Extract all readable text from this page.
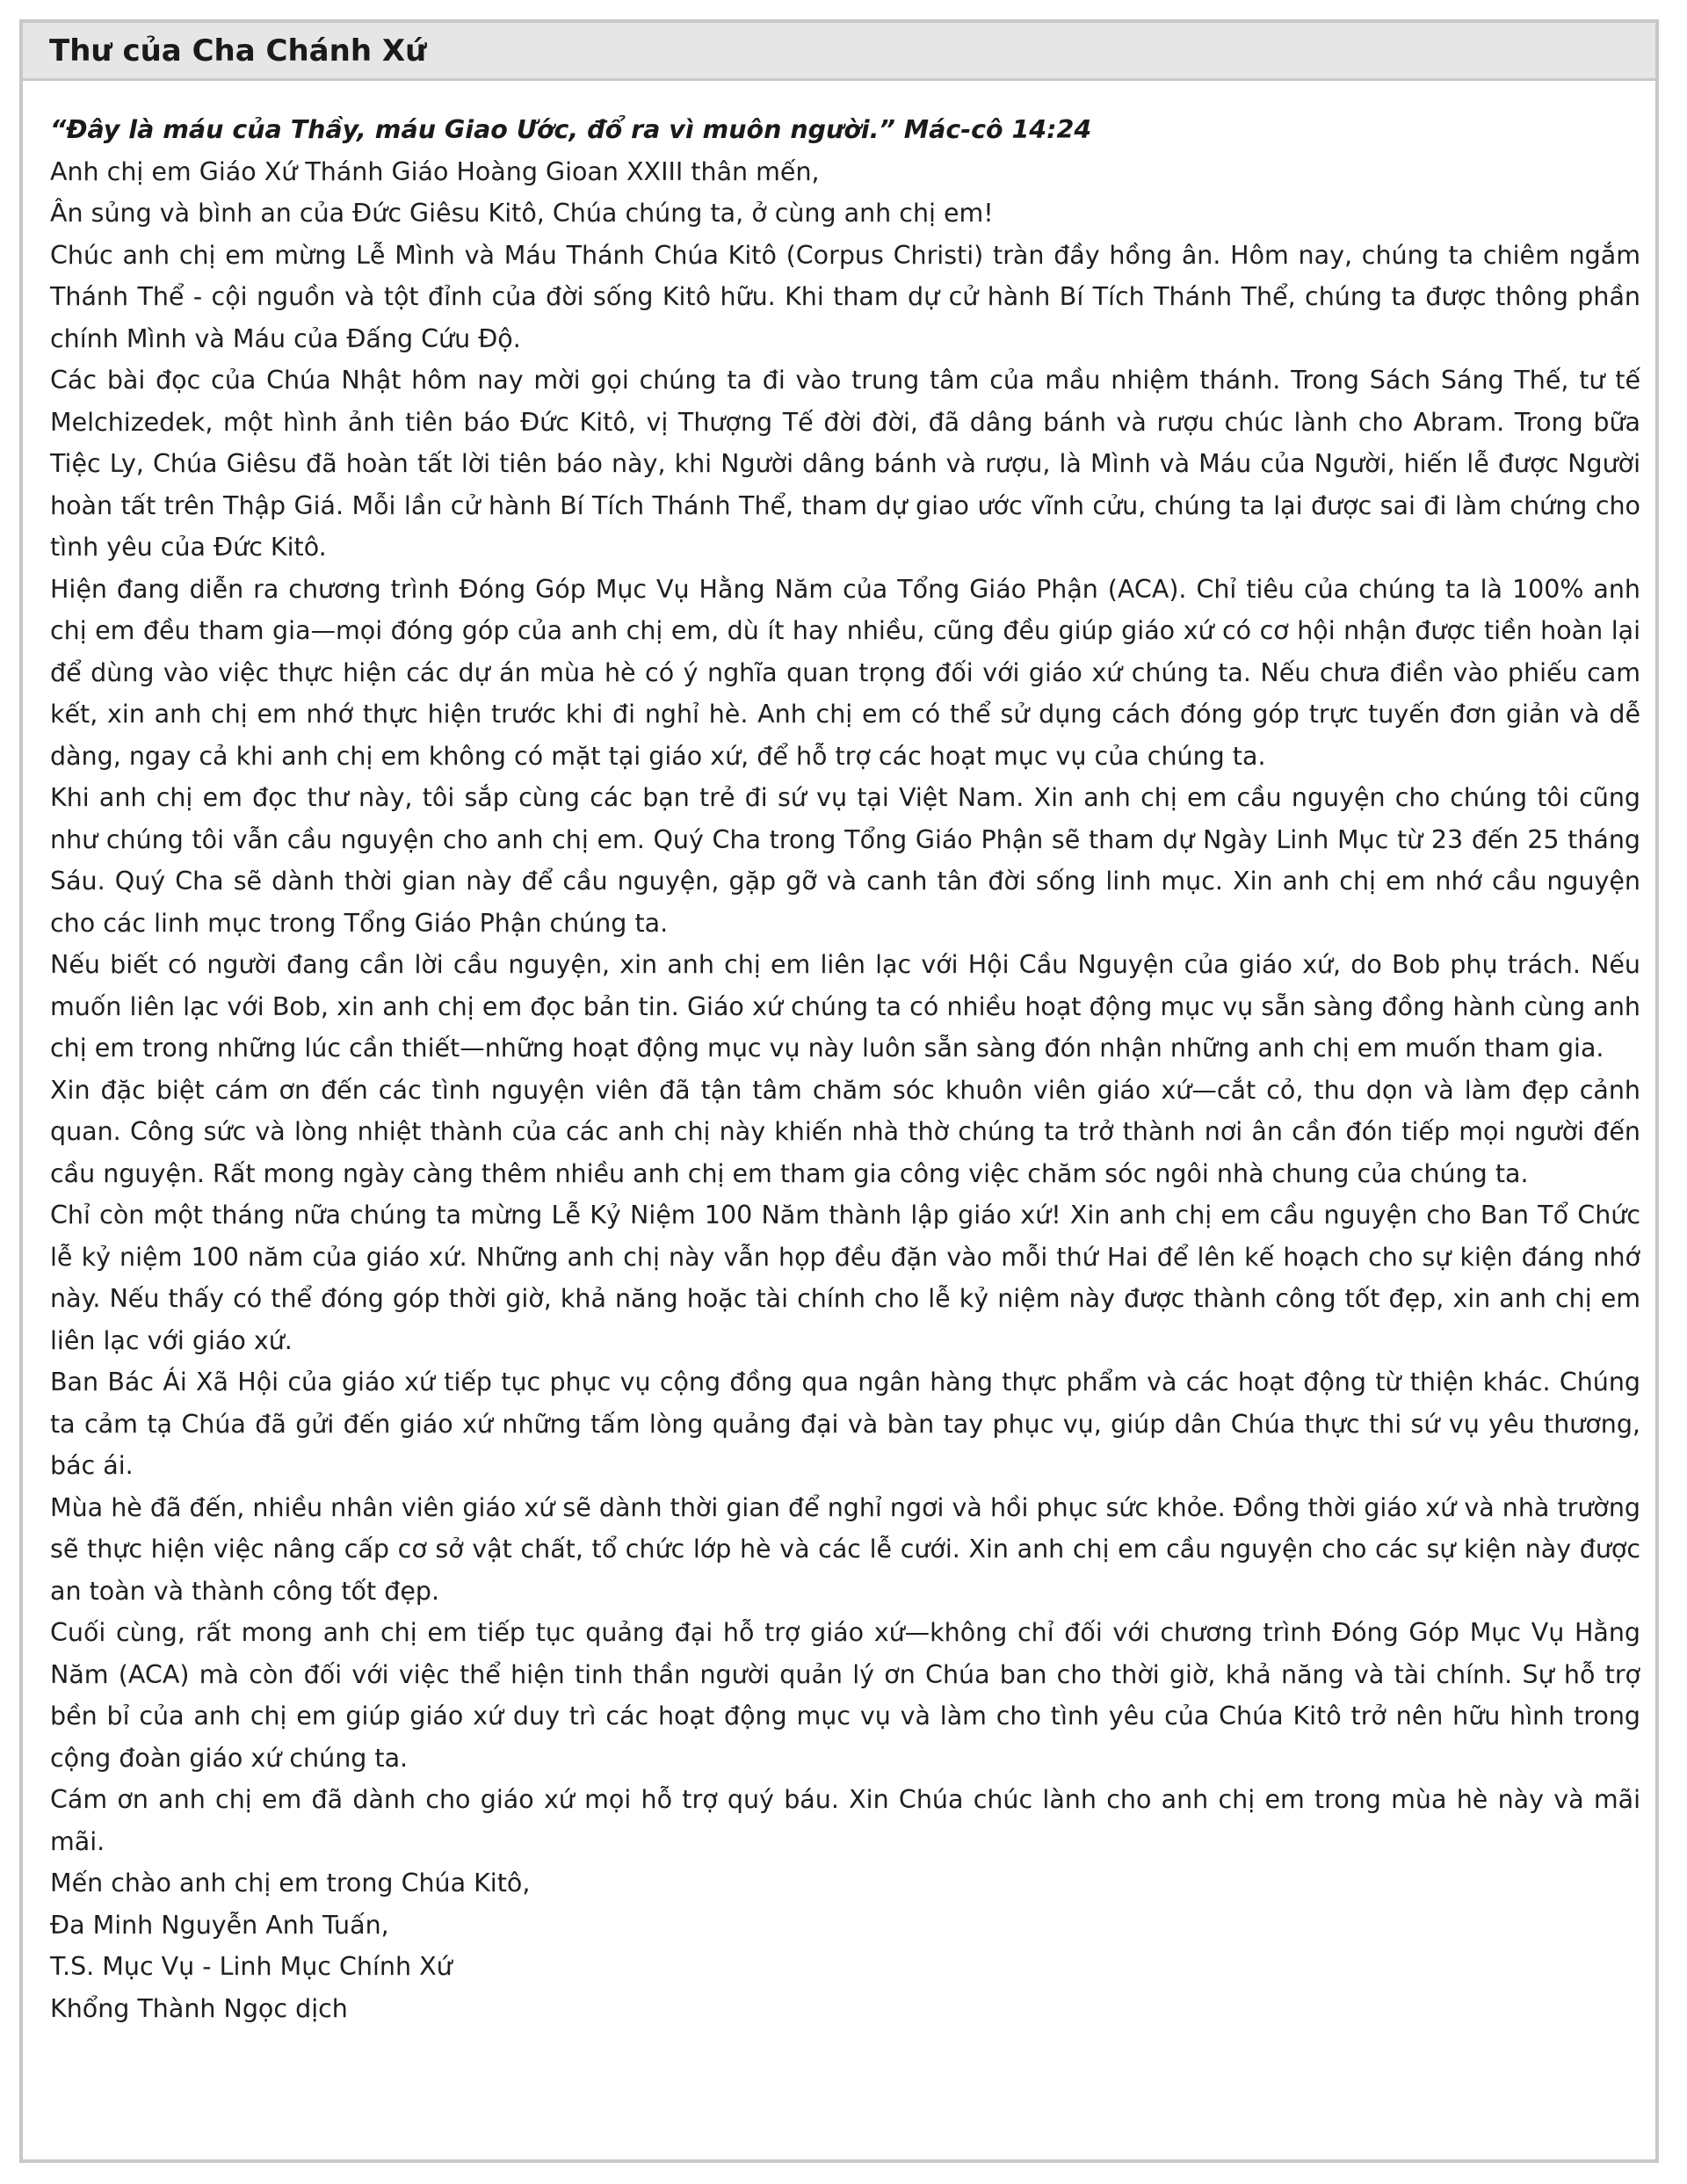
Thư của Cha Chánh Xứ

“Đây là máu của Thầy, máu Giao Ước, đổ ra vì muôn người.” Mác-cô 14:24

Anh chị em Giáo Xứ Thánh Giáo Hoàng Gioan XXIII thân mến,

Ân sủng và bình an của Đức Giêsu Kitô, Chúa chúng ta, ở cùng anh chị em!

Chúc anh chị em mừng Lễ Mình và Máu Thánh Chúa Kitô (Corpus Christi) tràn đầy hồng ân. Hôm nay, chúng ta chiêm ngắm Thánh Thể - cội nguồn và tột đỉnh của đời sống Kitô hữu. Khi tham dự cử hành Bí Tích Thánh Thể, chúng ta được thông phần chính Mình và Máu của Đấng Cứu Độ.

Các bài đọc của Chúa Nhật hôm nay mời gọi chúng ta đi vào trung tâm của mầu nhiệm thánh. Trong Sách Sáng Thế, tư tế Melchizedek, một hình ảnh tiên báo Đức Kitô, vị Thượng Tế đời đời, đã dâng bánh và rượu chúc lành cho Abram. Trong bữa Tiệc Ly, Chúa Giêsu đã hoàn tất lời tiên báo này, khi Người dâng bánh và rượu, là Mình và Máu của Người, hiến lễ được Người hoàn tất trên Thập Giá. Mỗi lần cử hành Bí Tích Thánh Thể, tham dự giao ước vĩnh cửu, chúng ta lại được sai đi làm chứng cho tình yêu của Đức Kitô.

Hiện đang diễn ra chương trình Đóng Góp Mục Vụ Hằng Năm của Tổng Giáo Phận (ACA). Chỉ tiêu của chúng ta là 100% anh chị em đều tham gia—mọi đóng góp của anh chị em, dù ít hay nhiều, cũng đều giúp giáo xứ có cơ hội nhận được tiền hoàn lại để dùng vào việc thực hiện các dự án mùa hè có ý nghĩa quan trọng đối với giáo xứ chúng ta. Nếu chưa điền vào phiếu cam kết, xin anh chị em nhớ thực hiện trước khi đi nghỉ hè. Anh chị em có thể sử dụng cách đóng góp trực tuyến đơn giản và dễ dàng, ngay cả khi anh chị em không có mặt tại giáo xứ, để hỗ trợ các hoạt mục vụ của chúng ta.

Khi anh chị em đọc thư này, tôi sắp cùng các bạn trẻ đi sứ vụ tại Việt Nam. Xin anh chị em cầu nguyện cho chúng tôi cũng như chúng tôi vẫn cầu nguyện cho anh chị em. Quý Cha trong Tổng Giáo Phận sẽ tham dự Ngày Linh Mục từ 23 đến 25 tháng Sáu. Quý Cha sẽ dành thời gian này để cầu nguyện, gặp gỡ và canh tân đời sống linh mục. Xin anh chị em nhớ cầu nguyện cho các linh mục trong Tổng Giáo Phận chúng ta.

Nếu biết có người đang cần lời cầu nguyện, xin anh chị em liên lạc với Hội Cầu Nguyện của giáo xứ, do Bob phụ trách. Nếu muốn liên lạc với Bob, xin anh chị em đọc bản tin. Giáo xứ chúng ta có nhiều hoạt động mục vụ sẵn sàng đồng hành cùng anh chị em trong những lúc cần thiết—những hoạt động mục vụ này luôn sẵn sàng đón nhận những anh chị em muốn tham gia.

Xin đặc biệt cám ơn đến các tình nguyện viên đã tận tâm chăm sóc khuôn viên giáo xứ—cắt cỏ, thu dọn và làm đẹp cảnh quan. Công sức và lòng nhiệt thành của các anh chị này khiến nhà thờ chúng ta trở thành nơi ân cần đón tiếp mọi người đến cầu nguyện. Rất mong ngày càng thêm nhiều anh chị em tham gia công việc chăm sóc ngôi nhà chung của chúng ta.

Chỉ còn một tháng nữa chúng ta mừng Lễ Kỷ Niệm 100 Năm thành lập giáo xứ! Xin anh chị em cầu nguyện cho Ban Tổ Chức lễ kỷ niệm 100 năm của giáo xứ. Những anh chị này vẫn họp đều đặn vào mỗi thứ Hai để lên kế hoạch cho sự kiện đáng nhớ này. Nếu thấy có thể đóng góp thời giờ, khả năng hoặc tài chính cho lễ kỷ niệm này được thành công tốt đẹp, xin anh chị em liên lạc với giáo xứ.

Ban Bác Ái Xã Hội của giáo xứ tiếp tục phục vụ cộng đồng qua ngân hàng thực phẩm và các hoạt động từ thiện khác. Chúng ta cảm tạ Chúa đã gửi đến giáo xứ những tấm lòng quảng đại và bàn tay phục vụ, giúp dân Chúa thực thi sứ vụ yêu thương, bác ái.

Mùa hè đã đến, nhiều nhân viên giáo xứ sẽ dành thời gian để nghỉ ngơi và hồi phục sức khỏe. Đồng thời giáo xứ và nhà trường sẽ thực hiện việc nâng cấp cơ sở vật chất, tổ chức lớp hè và các lễ cưới. Xin anh chị em cầu nguyện cho các sự kiện này được an toàn và thành công tốt đẹp.

Cuối cùng, rất mong anh chị em tiếp tục quảng đại hỗ trợ giáo xứ—không chỉ đối với chương trình Đóng Góp Mục Vụ Hằng Năm (ACA) mà còn đối với việc thể hiện tinh thần người quản lý ơn Chúa ban cho thời giờ, khả năng và tài chính. Sự hỗ trợ bền bỉ của anh chị em giúp giáo xứ duy trì các hoạt động mục vụ và làm cho tình yêu của Chúa Kitô trở nên hữu hình trong cộng đoàn giáo xứ chúng ta.

Cám ơn anh chị em đã dành cho giáo xứ mọi hỗ trợ quý báu. Xin Chúa chúc lành cho anh chị em trong mùa hè này và mãi mãi.

Mến chào anh chị em trong Chúa Kitô,

Đa Minh Nguyễn Anh Tuấn,

T.S. Mục Vụ - Linh Mục Chính Xứ

Khổng Thành Ngọc dịch
